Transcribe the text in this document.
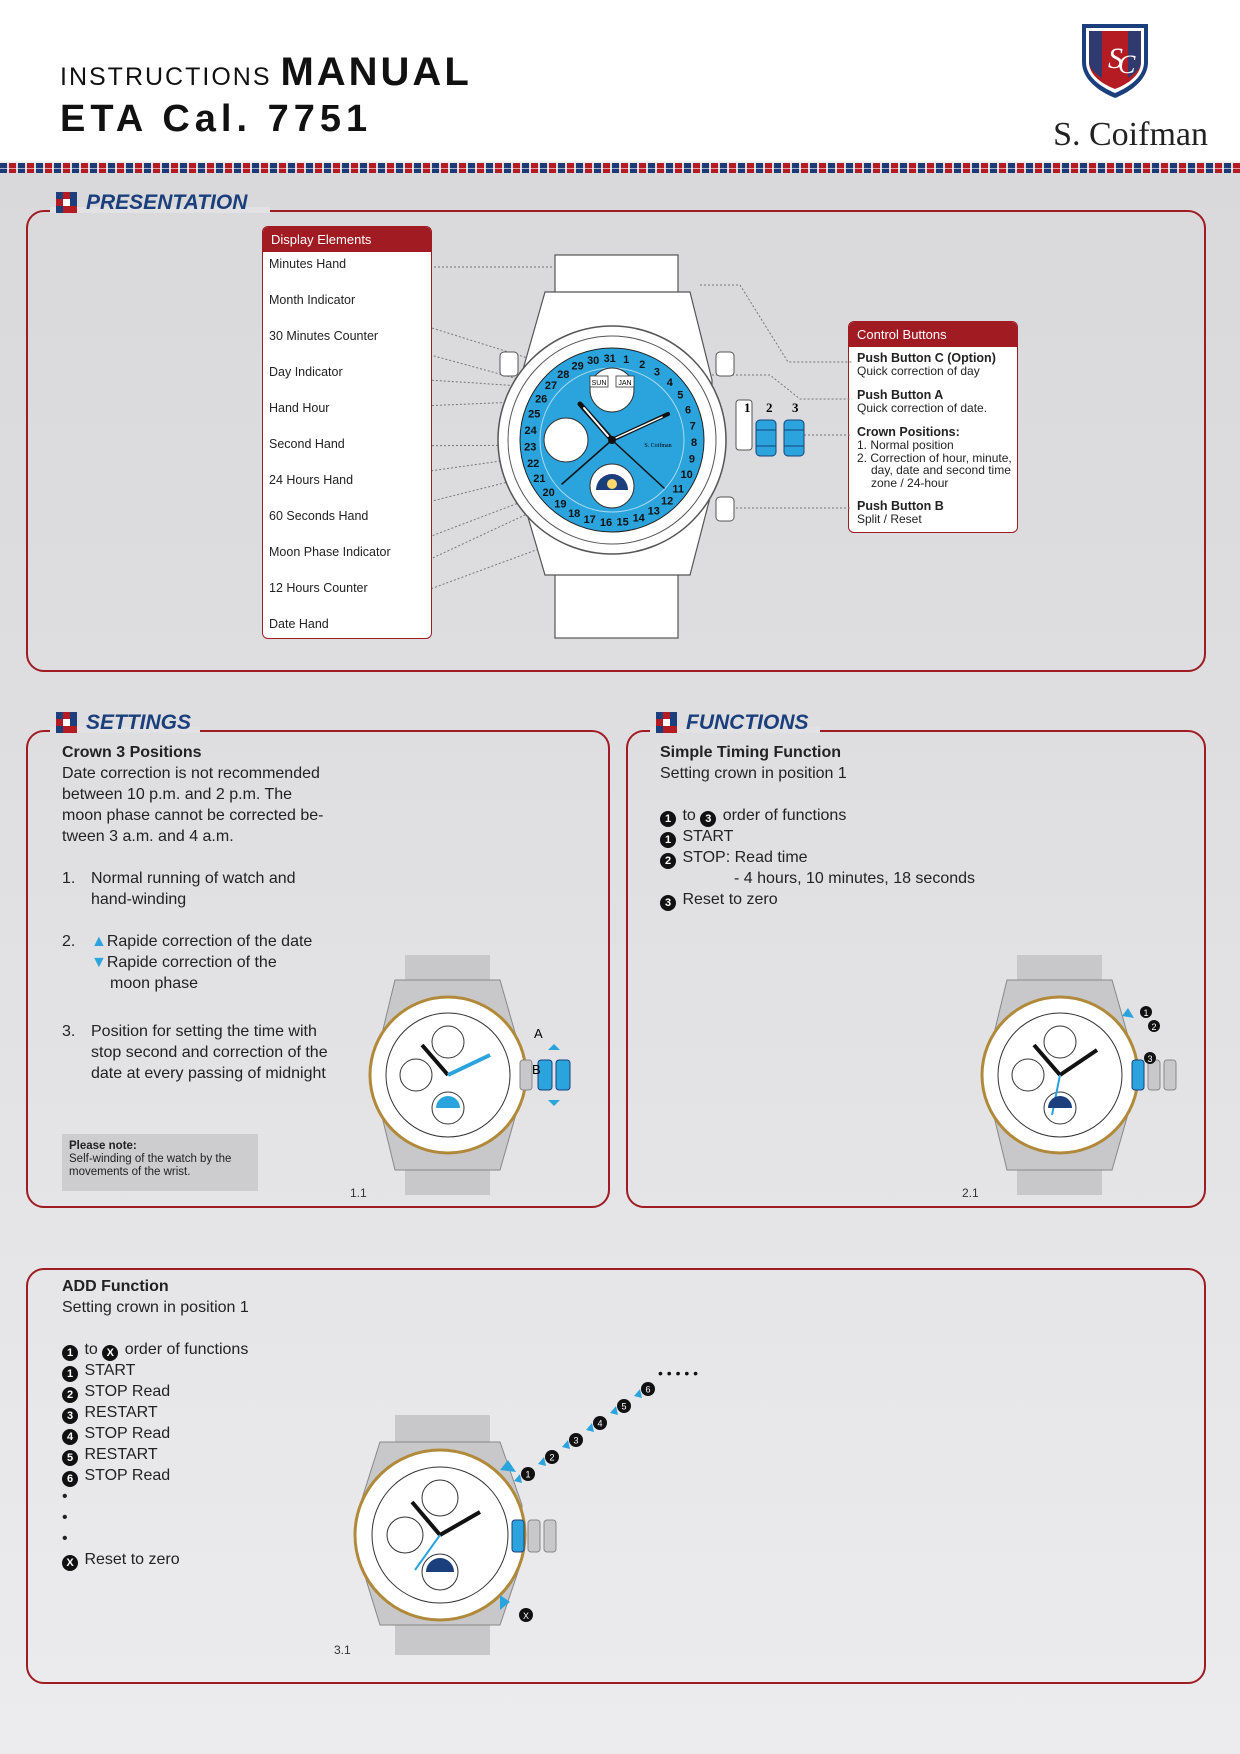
INSTRUCTIONS MANUAL
ETA Cal. 7751
S
C
S. Coifman
PRESENTATION
Display Elements
Minutes Hand
Month Indicator
30 Minutes Counter
Day Indicator
Hand Hour
Second Hand
24 Hours Hand
60 Seconds Hand
Moon Phase Indicator
12 Hours Counter
Date Hand
Control Buttons
Push Button C (Option)
Quick correction of day
Push Button A
Quick correction of date.
Crown Positions:
1. Normal position
2. Correction of hour, minute,
day, date and second time
zone / 24-hour
Push Button B
Split / Reset
1 2
3
4
5
6
7
8
9
10
11
12
13
14
15
16
17
18
19
20
21
22
23
24
25
26
27
28
29 30 31
SUN JAN
S. Coifman
1 2 3
SETTINGS
Crown 3 Positions
Date correction is not recommended
between 10 p.m. and 2 p.m. The
moon phase cannot be corrected be-
tween 3 a.m. and 4 a.m.
1. Normal running of watch and
hand-winding
2. ▲Rapide correction of the date
▼Rapide correction of the
moon phase
3. Position for setting the time with
stop second and correction of the
date at every passing of midnight
Please note:
Self-winding of the watch by the movements of the wrist.
A
B
1.1
FUNCTIONS
Simple Timing Function
Setting crown in position 1
1 to 3 order of functions
1 START
2 STOP: Read time
- 4 hours, 10 minutes, 18 seconds
3 Reset to zero
1
2
3
2.1
ADD Function
Setting crown in position 1
1 to X order of functions
1 START
2 STOP Read
3 RESTART
4 STOP Read
5 RESTART
6 STOP Read
•
•
•
X Reset to zero
1
2
3
4
5
6
• • • • •
X
3.1
